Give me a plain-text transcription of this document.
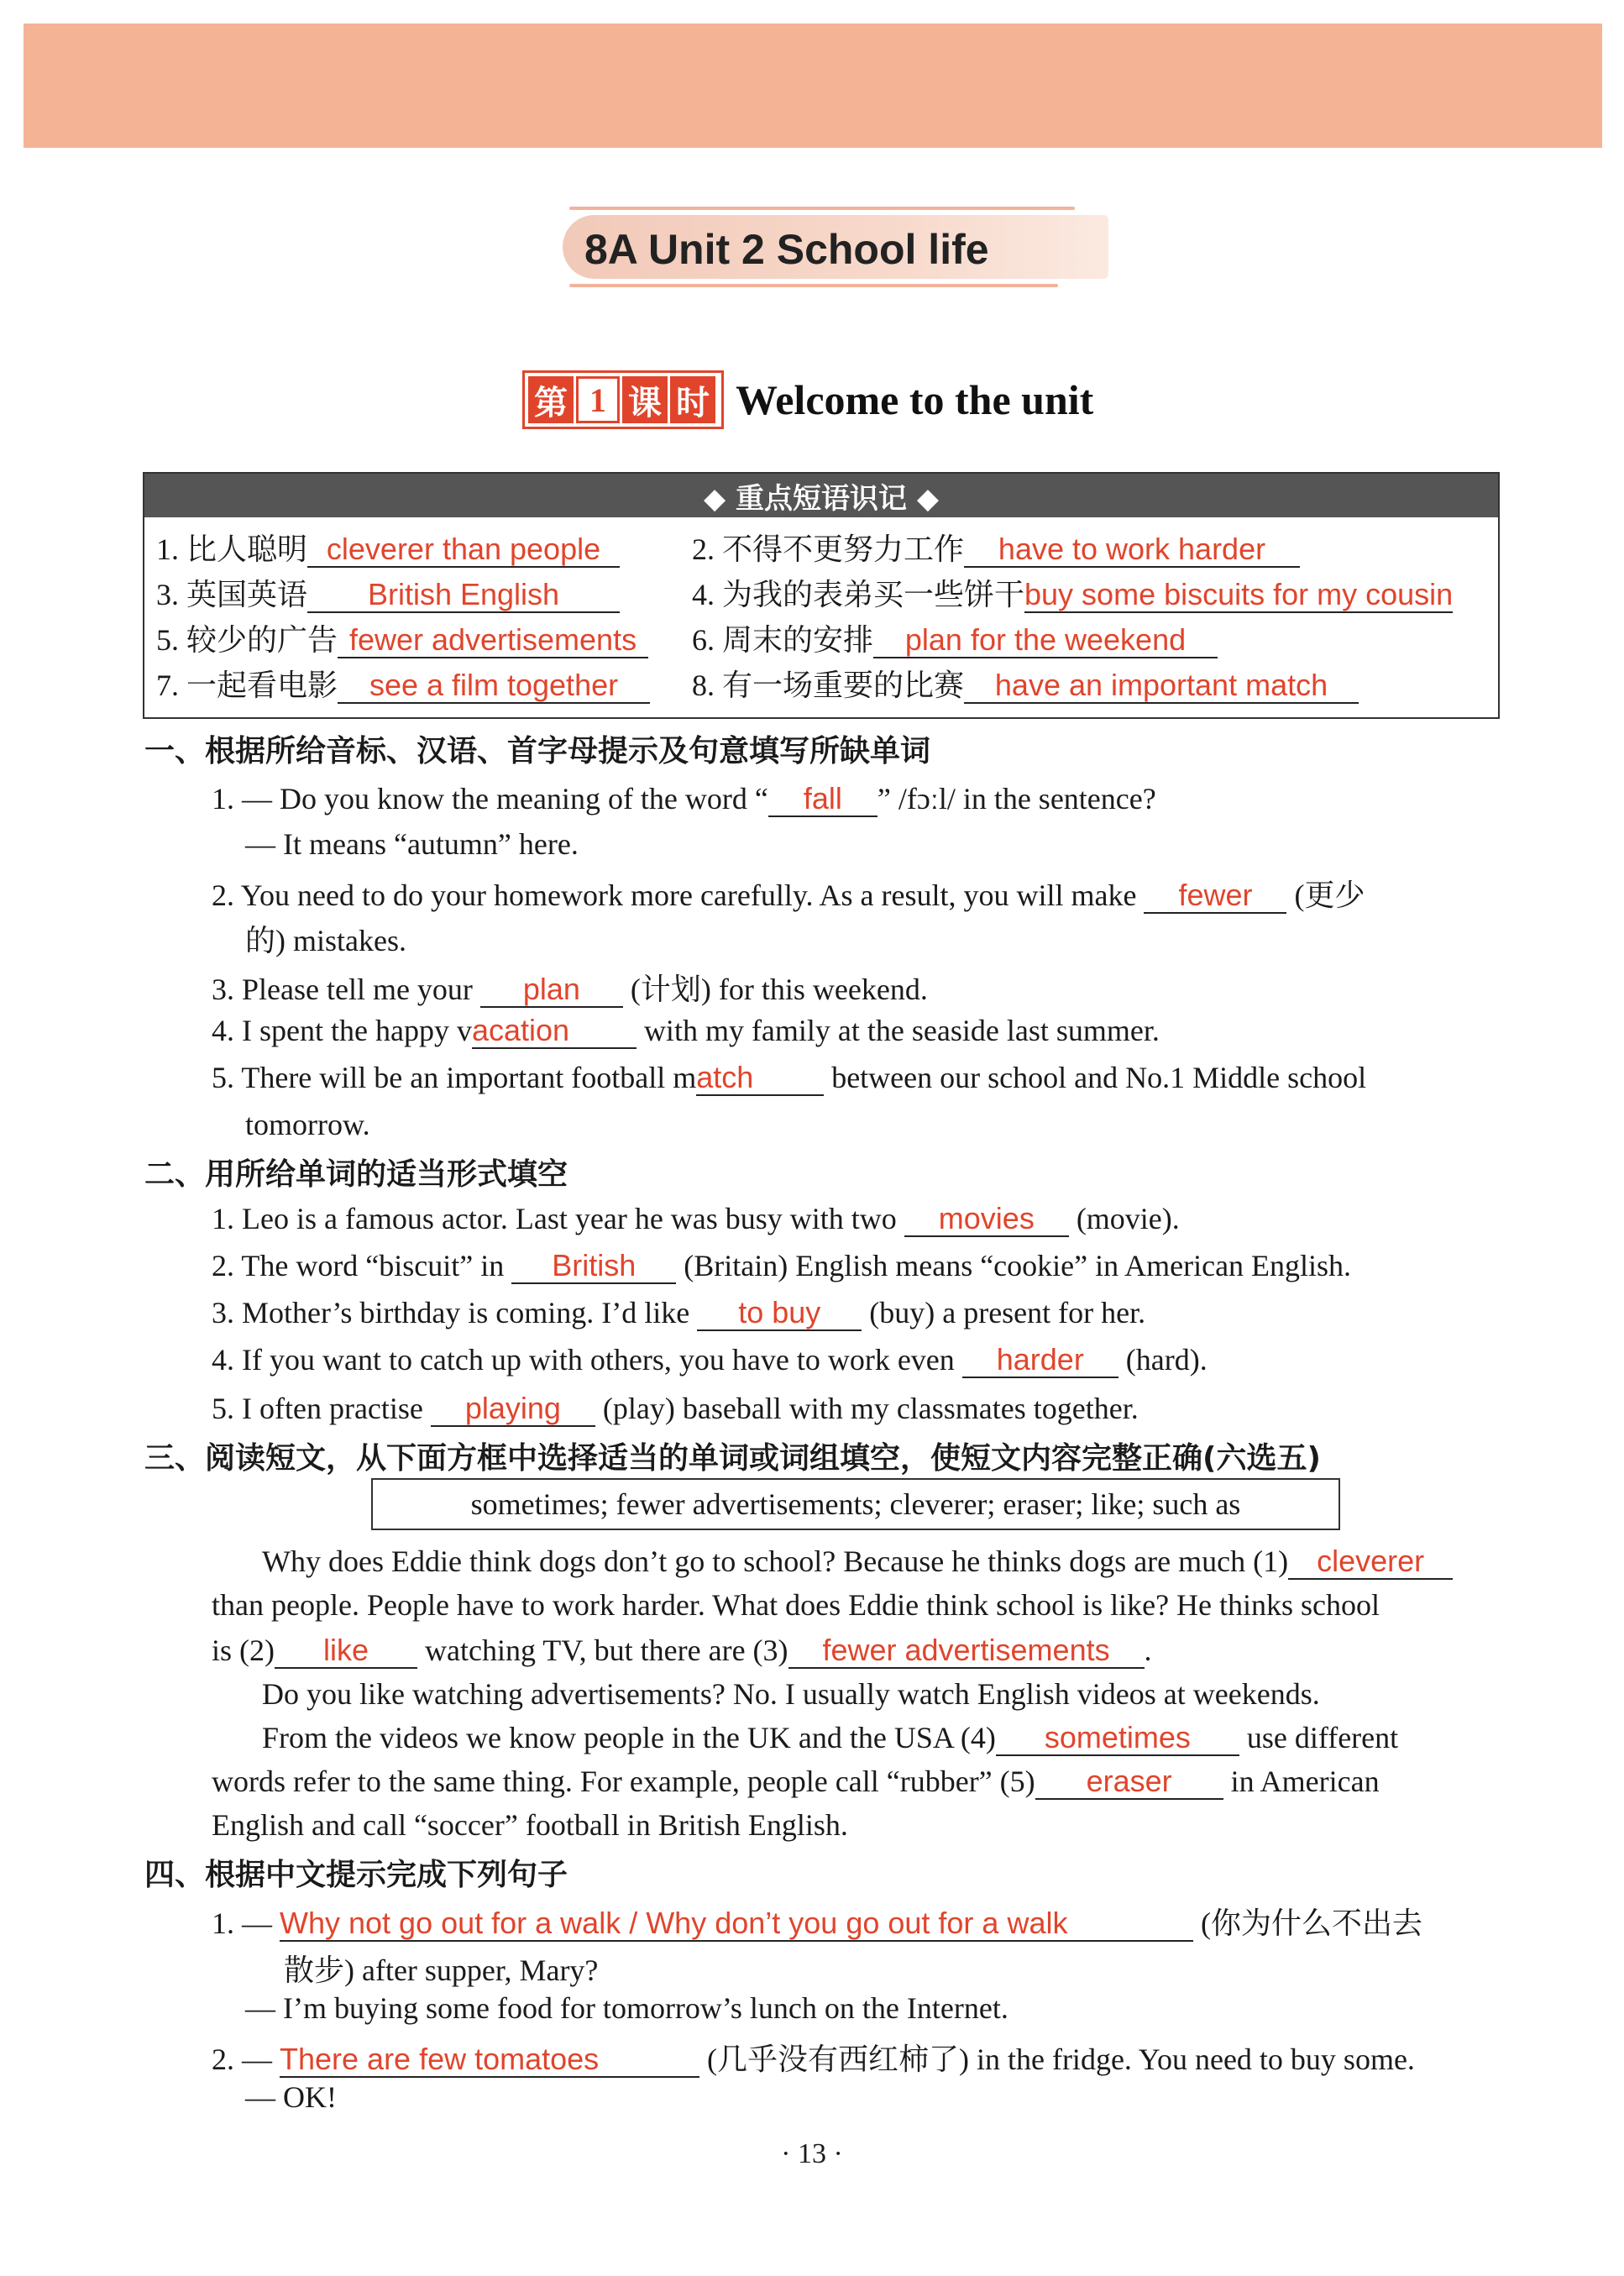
8A Unit 2 School life
第 1 课 时 Welcome to the unit
◆ 重点短语识记 ◆
1. 比人聪明 cleverer than people	2. 不得不更努力工作 have to work harder
3. 英国英语 British English	4. 为我的表弟买一些饼干buy some biscuits for my cousin
5. 较少的广告 fewer advertisements	6. 周末的安排 plan for the weekend
7. 一起看电影 see a film together	8. 有一场重要的比赛 have an important match
一、根据所给音标、汉语、首字母提示及句意填写所缺单词
1. — Do you know the meaning of the word “ fall ” /fɔːl/ in the sentence?
— It means “autumn” here.
2. You need to do your homework more carefully. As a result, you will make fewer (更少
的) mistakes.
3. Please tell me your plan (计划) for this weekend.
4. I spent the happy vacation with my family at the seaside last summer.
5. There will be an important football match	between our school and No.1 Middle school
tomorrow.
二、用所给单词的适当形式填空
1. Leo is a famous actor. Last year he was busy with two movies (movie).
2. The word “biscuit” in British (Britain) English means “cookie” in American English.
3. Mother’s birthday is coming. I’d like to buy (buy) a present for her.
4. If you want to catch up with others, you have to work even harder (hard).
5. I often practise playing (play) baseball with my classmates together.
三、阅读短文，从下面方框中选择适当的单词或词组填空，使短文内容完整正确(六选五)
sometimes; fewer advertisements; cleverer; eraser; like; such as
Why does Eddie think dogs don’t go to school? Because he thinks dogs are much (1) cleverer
than people. People have to work harder. What does Eddie think school is like? He thinks school
is (2) like watching TV, but there are (3) fewer advertisements .
Do you like watching advertisements? No. I usually watch English videos at weekends.
From the videos we know people in the UK and the USA (4) sometimes use different
words refer to the same thing. For example, people call “rubber” (5) eraser in American
English and call “soccer” football in British English.
四、根据中文提示完成下列句子
1. — Why not go out for a walk / Why don’t you go out for a walk	(你为什么不出去
散步) after supper, Mary?
— I’m buying some food for tomorrow’s lunch on the Internet.
2. — There are few tomatoes	(几乎没有西红柿了) in the fridge. You need to buy some.
— OK!
· 13 ·
